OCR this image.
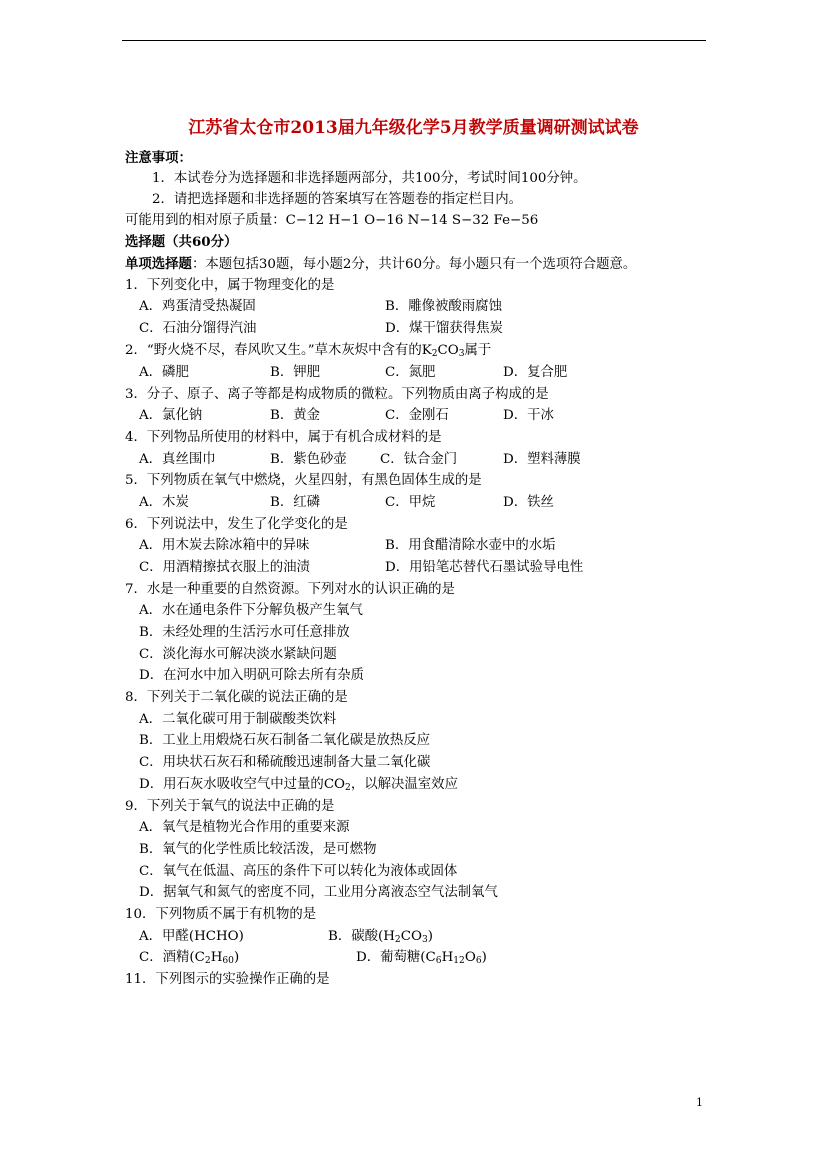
江苏省太仓市2013届九年级化学5月教学质量调研测试试卷
注意事项：
1．本试卷分为选择题和非选择题两部分，共100分，考试时间100分钟。
2．请把选择题和非选择题的答案填写在答题卷的指定栏目内。
可能用到的相对原子质量：C−12 H−1 O−16 N−14 S−32 Fe−56
选择题（共60分）
单项选择题：本题包括30题，每小题2分，共计60分。每小题只有一个选项符合题意。
1．下列变化中，属于物理变化的是
A．鸡蛋清受热凝固	B．雕像被酸雨腐蚀
C．石油分馏得汽油	D．煤干馏获得焦炭
2．“野火烧不尽，春风吹又生。”草木灰烬中含有的$K_2CO_3$属于
A．磷肥	B．钾肥	C．氮肥	D．复合肥
3．分子、原子、离子等都是构成物质的微粒。下列物质由离子构成的是
A．氯化钠	B．黄金	C．金刚石	D．干冰
4．下列物品所使用的材料中，属于有机合成材料的是
A．真丝围巾	B．紫色砂壶 C．钛合金门	D．塑料薄膜
5．下列物质在氧气中燃烧，火星四射，有黑色固体生成的是
A．木炭	B．红磷	C．甲烷	D．铁丝
6．下列说法中，发生了化学变化的是
A．用木炭去除冰箱中的异味	B．用食醋清除水壶中的水垢
C．用酒精擦拭衣服上的油渍	D．用铅笔芯替代石墨试验导电性
7．水是一种重要的自然资源。下列对水的认识正确的是
A．水在通电条件下分解负极产生氧气
B．未经处理的生活污水可任意排放
C．淡化海水可解决淡水紧缺问题
D．在河水中加入明矾可除去所有杂质
8．下列关于二氧化碳的说法正确的是
A．二氧化碳可用于制碳酸类饮料
B．工业上用煅烧石灰石制备二氧化碳是放热反应
C．用块状石灰石和稀硫酸迅速制备大量二氧化碳
D．用石灰水吸收空气中过量的$CO_2$，以解决温室效应
9．下列关于氧气的说法中正确的是
A．氧气是植物光合作用的重要来源
B．氧气的化学性质比较活泼，是可燃物
C．氧气在低温、高压的条件下可以转化为液体或固体
D．据氧气和氮气的密度不同，工业用分离液态空气法制氧气
10．下列物质不属于有机物的是
A．甲醛(HCHO)	B．碳酸$(H_2CO_3)$
C．酒精$(C_2H_{60})$	D．葡萄糖$(C_6H_{12}O_6)$
11．下列图示的实验操作正确的是
1
